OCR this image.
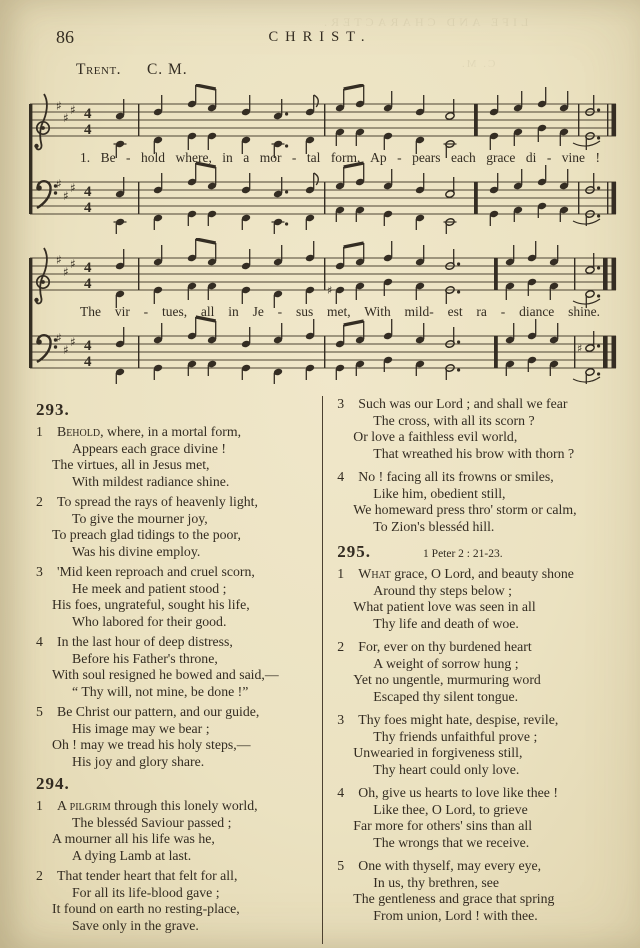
LIFE AND CHARACTER.
C. M.
86	CHRIST.
Trent. C. M.
♯
♯
♯ 4
4
♯
♯
♯ 4
4
1. Be - hold where, in a mor - tal form, Ap - pears each grace di - vine !
♯
♯
♯ 4
4
♯
♯
♯ 4
4
♯
♯
The vir - tues, all in Je - sus met, With mild- est ra - diance shine.
293.
1 Behold, where, in a mortal form,
Appears each grace divine !
The virtues, all in Jesus met,
With mildest radiance shine.
2 To spread the rays of heavenly light,
To give the mourner joy,
To preach glad tidings to the poor,
Was his divine employ.
3 'Mid keen reproach and cruel scorn,
He meek and patient stood ;
His foes, ungrateful, sought his life,
Who labored for their good.
4 In the last hour of deep distress,
Before his Father's throne,
With soul resigned he bowed and said,—
“ Thy will, not mine, be done !”
5 Be Christ our pattern, and our guide,
His image may we bear ;
Oh ! may we tread his holy steps,—
His joy and glory share.
294.
1 A pilgrim through this lonely world,
The blesséd Saviour passed ;
A mourner all his life was he,
A dying Lamb at last.
2 That tender heart that felt for all,
For all its life-blood gave ;
It found on earth no resting-place,
Save only in the grave.
3 Such was our Lord ; and shall we fear
The cross, with all its scorn ?
Or love a faithless evil world,
That wreathed his brow with thorn ?
4 No ! facing all its frowns or smiles,
Like him, obedient still,
We homeward press thro' storm or calm,
To Zion's blesséd hill.
295.	1 Peter 2 : 21-23.
1 What grace, O Lord, and beauty shone
Around thy steps below ;
What patient love was seen in all
Thy life and death of woe.
2 For, ever on thy burdened heart
A weight of sorrow hung ;
Yet no ungentle, murmuring word
Escaped thy silent tongue.
3 Thy foes might hate, despise, revile,
Thy friends unfaithful prove ;
Unwearied in forgiveness still,
Thy heart could only love.
4 Oh, give us hearts to love like thee !
Like thee, O Lord, to grieve
Far more for others' sins than all
The wrongs that we receive.
5 One with thyself, may every eye,
In us, thy brethren, see
The gentleness and grace that spring
From union, Lord ! with thee.
